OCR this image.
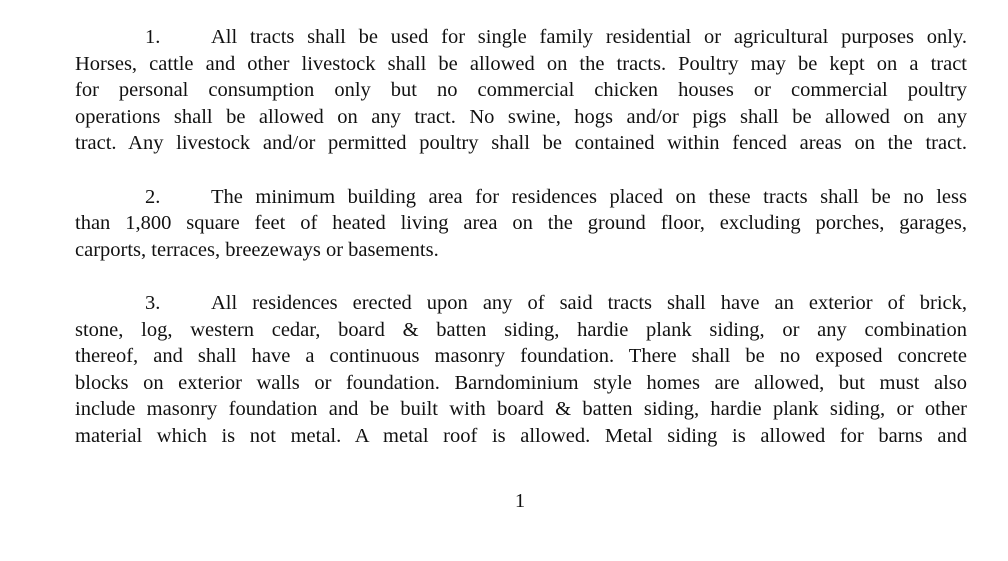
1. All tracts shall be used for single family residential or agricultural purposes only.
Horses, cattle and other livestock shall be allowed on the tracts. Poultry may be kept on a tract
for personal consumption only but no commercial chicken houses or commercial poultry
operations shall be allowed on any tract. No swine, hogs and/or pigs shall be allowed on any
tract. Any livestock and/or permitted poultry shall be contained within fenced areas on the tract.
2. The minimum building area for residences placed on these tracts shall be no less
than 1,800 square feet of heated living area on the ground floor, excluding porches, garages,
carports, terraces, breezeways or basements.
3. All residences erected upon any of said tracts shall have an exterior of brick,
stone, log, western cedar, board & batten siding, hardie plank siding, or any combination
thereof, and shall have a continuous masonry foundation. There shall be no exposed concrete
blocks on exterior walls or foundation. Barndominium style homes are allowed, but must also
include masonry foundation and be built with board & batten siding, hardie plank siding, or other
material which is not metal. A metal roof is allowed. Metal siding is allowed for barns and
1
